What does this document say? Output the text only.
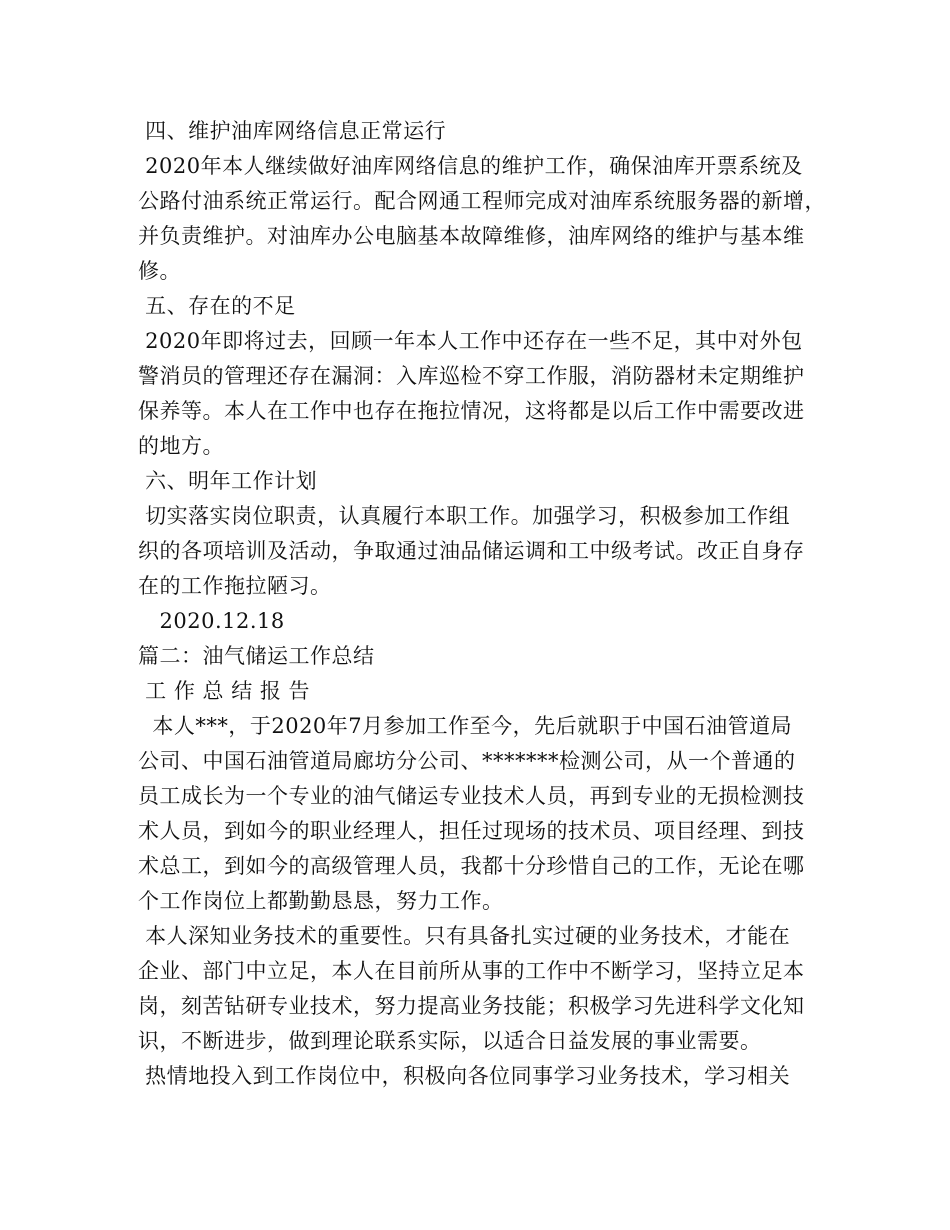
四、维护油库网络信息正常运行
2020年本人继续做好油库网络信息的维护工作，确保油库开票系统及
公路付油系统正常运行。配合网通工程师完成对油库系统服务器的新增，
并负责维护。对油库办公电脑基本故障维修，油库网络的维护与基本维
修。
五、存在的不足
2020年即将过去，回顾一年本人工作中还存在一些不足，其中对外包
警消员的管理还存在漏洞：入库巡检不穿工作服，消防器材未定期维护
保养等。本人在工作中也存在拖拉情况，这将都是以后工作中需要改进
的地方。
六、明年工作计划
切实落实岗位职责，认真履行本职工作。加强学习，积极参加工作组
织的各项培训及活动，争取通过油品储运调和工中级考试。改正自身存
在的工作拖拉陋习。
2020.12.18
篇二：油气储运工作总结
工 作 总 结 报 告
本人***，于2020年7月参加工作至今，先后就职于中国石油管道局
公司、中国石油管道局廊坊分公司、*******检测公司，从一个普通的
员工成长为一个专业的油气储运专业技术人员，再到专业的无损检测技
术人员，到如今的职业经理人，担任过现场的技术员、项目经理、到技
术总工，到如今的高级管理人员，我都十分珍惜自己的工作，无论在哪
个工作岗位上都勤勤恳恳，努力工作。
本人深知业务技术的重要性。只有具备扎实过硬的业务技术，才能在
企业、部门中立足，本人在目前所从事的工作中不断学习，坚持立足本
岗，刻苦钻研专业技术，努力提高业务技能；积极学习先进科学文化知
识，不断进步，做到理论联系实际，以适合日益发展的事业需要。
热情地投入到工作岗位中，积极向各位同事学习业务技术，学习相关
